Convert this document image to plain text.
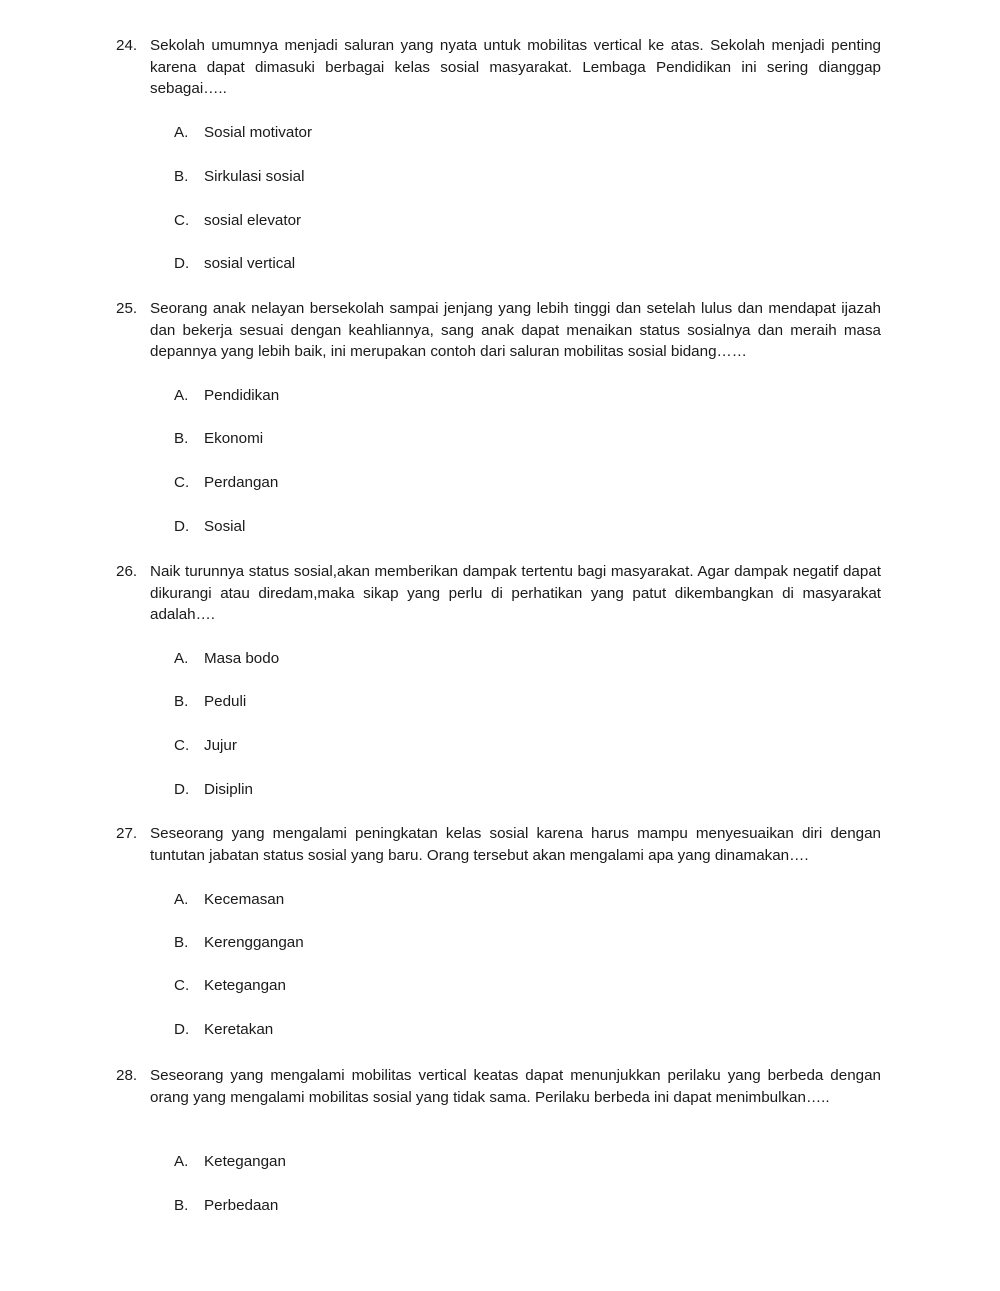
24. Sekolah umumnya menjadi saluran yang nyata untuk mobilitas vertical ke atas. Sekolah menjadi penting karena dapat dimasuki berbagai kelas sosial masyarakat. Lembaga Pendidikan ini sering dianggap sebagai…..
A.	Sosial motivator
B.	Sirkulasi sosial
C. sosial elevator
D. sosial vertical
25. Seorang anak nelayan bersekolah sampai jenjang yang lebih tinggi dan setelah lulus dan mendapat ijazah dan bekerja sesuai dengan keahliannya, sang anak dapat menaikan status sosialnya dan meraih masa depannya yang lebih baik, ini merupakan contoh dari saluran mobilitas sosial bidang……
A.	Pendidikan
B.	Ekonomi
C. Perdangan
D. Sosial
26. Naik turunnya status sosial,akan memberikan dampak tertentu bagi masyarakat. Agar dampak negatif dapat dikurangi atau diredam,maka sikap yang perlu di perhatikan yang patut dikembangkan di masyarakat adalah….
A.	Masa bodo
B.	Peduli
C. Jujur
D. Disiplin
27. Seseorang yang mengalami peningkatan kelas sosial karena harus mampu menyesuaikan diri dengan tuntutan jabatan status sosial yang baru. Orang tersebut akan mengalami apa yang dinamakan….
A.	Kecemasan
B.	Kerenggangan
C. Ketegangan
D. Keretakan
28. Seseorang yang mengalami mobilitas vertical keatas dapat menunjukkan perilaku yang berbeda dengan orang yang mengalami mobilitas sosial yang tidak sama. Perilaku berbeda ini dapat menimbulkan…..
A.	Ketegangan
B.	Perbedaan
